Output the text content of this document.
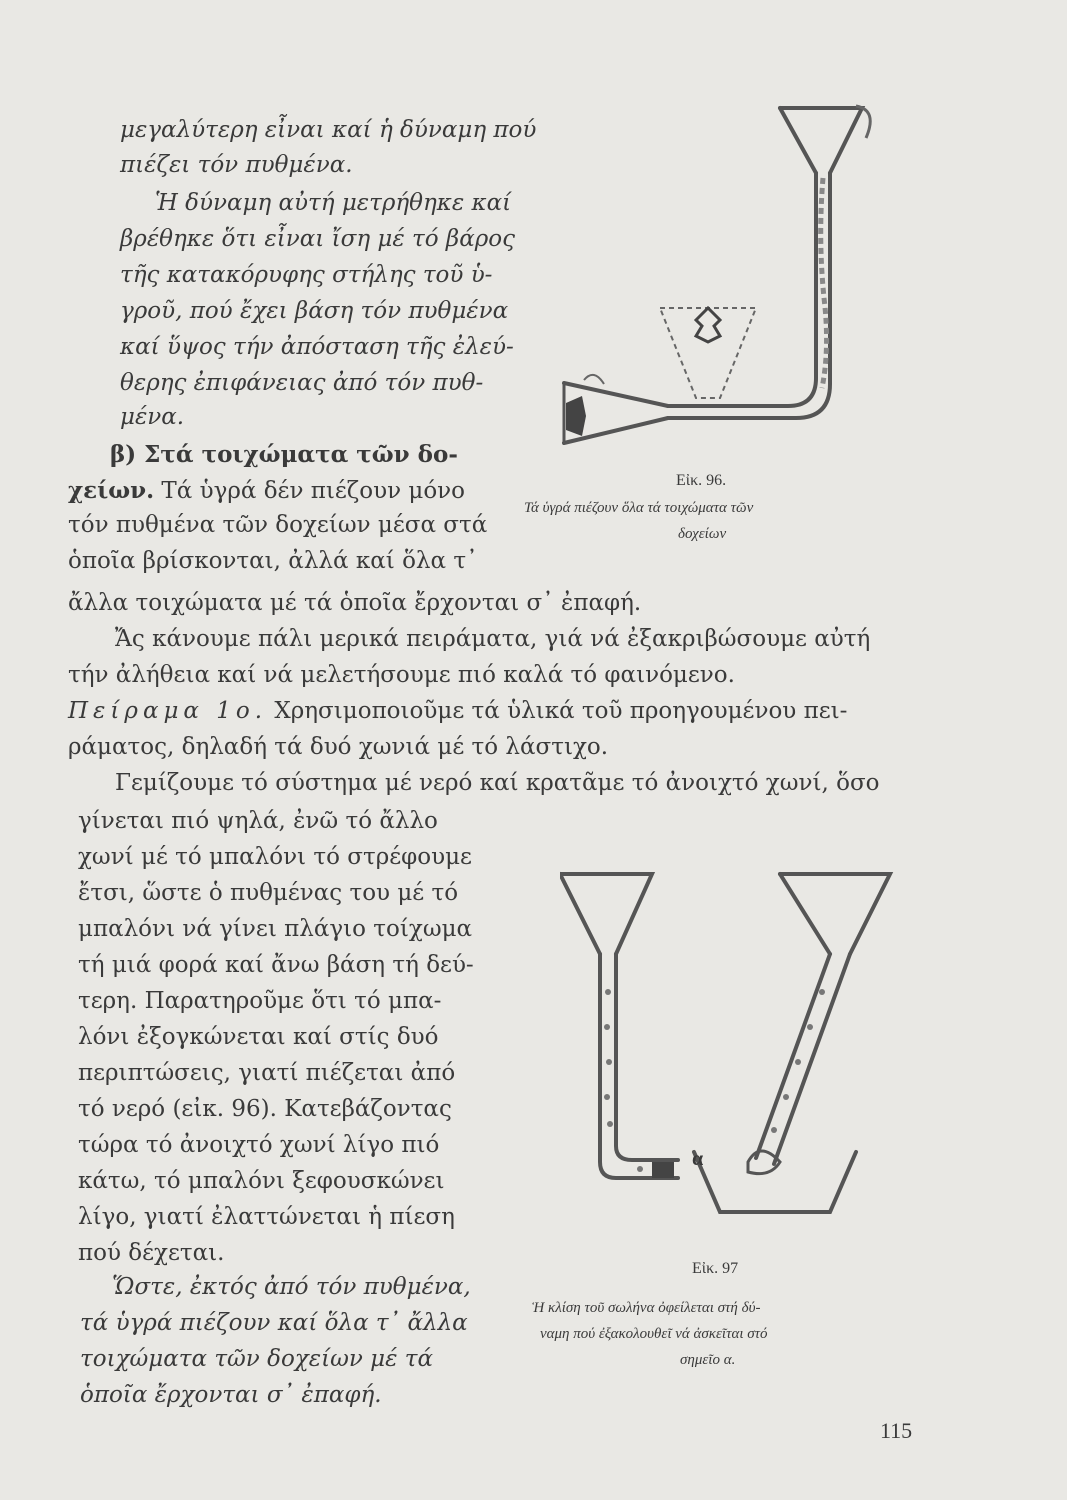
μεγαλύτερη εἶναι καί ἡ δύναμη πού
πιέζει τόν πυθμένα.
Ἡ δύναμη αὐτή μετρήθηκε καί
βρέθηκε ὅτι εἶναι ἴση μέ τό βάρος
τῆς κατακόρυφης στήλης τοῦ ὑ-
γροῦ, πού ἔχει βάση τόν πυθμένα
καί ὕψος τήν ἀπόσταση τῆς ἐλεύ-
θερης ἐπιφάνειας ἀπό τόν πυθ-
μένα.
β) Στά τοιχώματα τῶν δο-
χείων. Τά ὑγρά δέν πιέζουν μόνο
τόν πυθμένα τῶν δοχείων μέσα στά
ὁποῖα βρίσκονται, ἀλλά καί ὅλα τ᾽
ἄλλα τοιχώματα μέ τά ὁποῖα ἔρχονται σ᾽ ἐπαφή.
Ἄς κάνουμε πάλι μερικά πειράματα, γιά νά ἐξακριβώσουμε αὐτή
τήν ἀλήθεια καί νά μελετήσουμε πιό καλά τό φαινόμενο.
Πείραμα 1ο. Χρησιμοποιοῦμε τά ὑλικά τοῦ προηγουμένου πει-
ράματος, δηλαδή τά δυό χωνιά μέ τό λάστιχο.
Γεμίζουμε τό σύστημα μέ νερό καί κρατᾶμε τό ἀνοιχτό χωνί, ὅσο
γίνεται πιό ψηλά, ἐνῶ τό ἄλλο
χωνί μέ τό μπαλόνι τό στρέφουμε
ἔτσι, ὥστε ὁ πυθμένας του μέ τό
μπαλόνι νά γίνει πλάγιο τοίχωμα
τή μιά φορά καί ἄνω βάση τή δεύ-
τερη. Παρατηροῦμε ὅτι τό μπα-
λόνι ἐξογκώνεται καί στίς δυό
περιπτώσεις, γιατί πιέζεται ἀπό
τό νερό (εἰκ. 96). Κατεβάζοντας
τώρα τό ἀνοιχτό χωνί λίγο πιό
κάτω, τό μπαλόνι ξεφουσκώνει
λίγο, γιατί ἐλαττώνεται ἡ πίεση
πού δέχεται.
Ὥστε, ἐκτός ἀπό τόν πυθμένα,
τά ὑγρά πιέζουν καί ὅλα τ᾽ ἄλλα
τοιχώματα τῶν δοχείων μέ τά
ὁποῖα ἔρχονται σ᾽ ἐπαφή.
Εἰκ. 96.
Τά ὑγρά πιέζουν ὅλα τά τοιχώματα τῶν
δοχείων
α
Εἰκ. 97
Ἡ κλίση τοῦ σωλήνα ὀφείλεται στή δύ-
ναμη πού ἐξακολουθεῖ νά ἀσκεῖται στό
σημεῖο α.
115
